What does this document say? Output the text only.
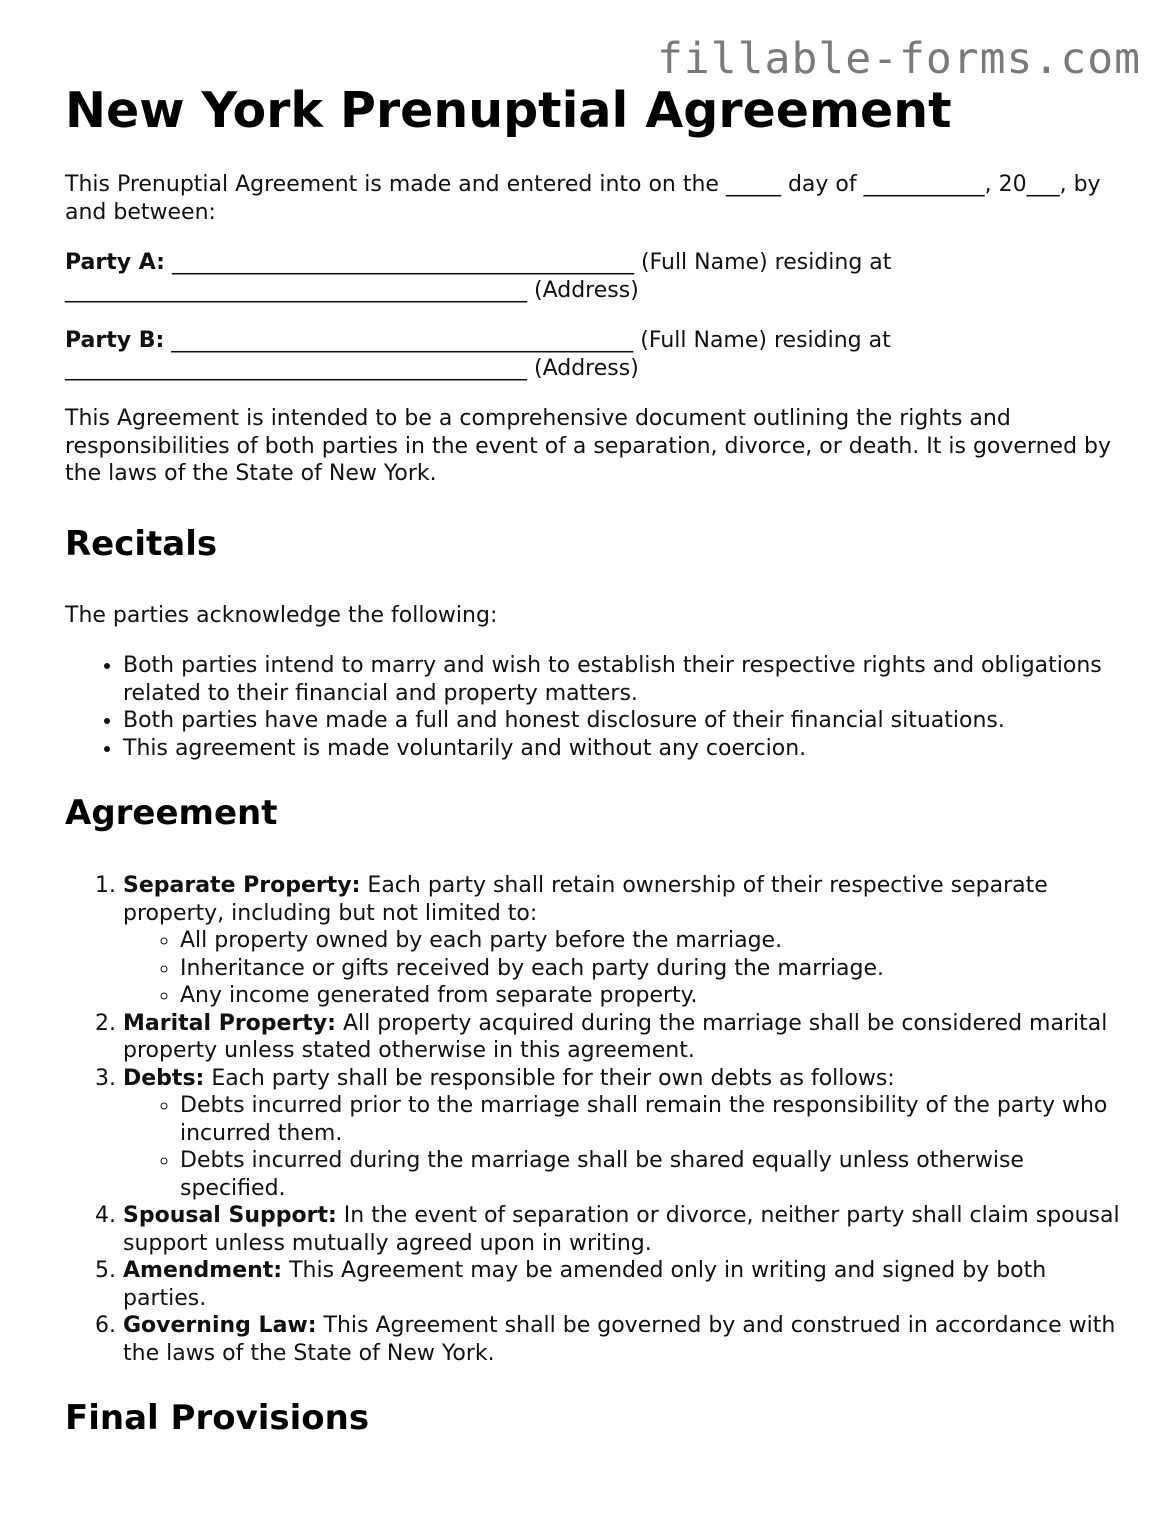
fillable-forms.com
New York Prenuptial Agreement

This Prenuptial Agreement is made and entered into on the _____ day of ___________, 20___, by and between:

Party A: __________________________________________ (Full Name) residing at __________________________________________ (Address)

Party B: __________________________________________ (Full Name) residing at __________________________________________ (Address)

This Agreement is intended to be a comprehensive document outlining the rights and responsibilities of both parties in the event of a separation, divorce, or death. It is governed by the laws of the State of New York.

Recitals

The parties acknowledge the following:

• Both parties intend to marry and wish to establish their respective rights and obligations related to their financial and property matters.
• Both parties have made a full and honest disclosure of their financial situations.
• This agreement is made voluntarily and without any coercion.
Agreement
1. Separate Property: Each party shall retain ownership of their respective separate property, including but not limited to:
◦ All property owned by each party before the marriage.
◦ Inheritance or gifts received by each party during the marriage.
◦ Any income generated from separate property.
2. Marital Property: All property acquired during the marriage shall be considered marital property unless stated otherwise in this agreement.
3. Debts: Each party shall be responsible for their own debts as follows:
◦ Debts incurred prior to the marriage shall remain the responsibility of the party who incurred them.
◦ Debts incurred during the marriage shall be shared equally unless otherwise specified.
4. Spousal Support: In the event of separation or divorce, neither party shall claim spousal support unless mutually agreed upon in writing.
5. Amendment: This Agreement may be amended only in writing and signed by both parties.
6. Governing Law: This Agreement shall be governed by and construed in accordance with the laws of the State of New York.
Final Provisions
